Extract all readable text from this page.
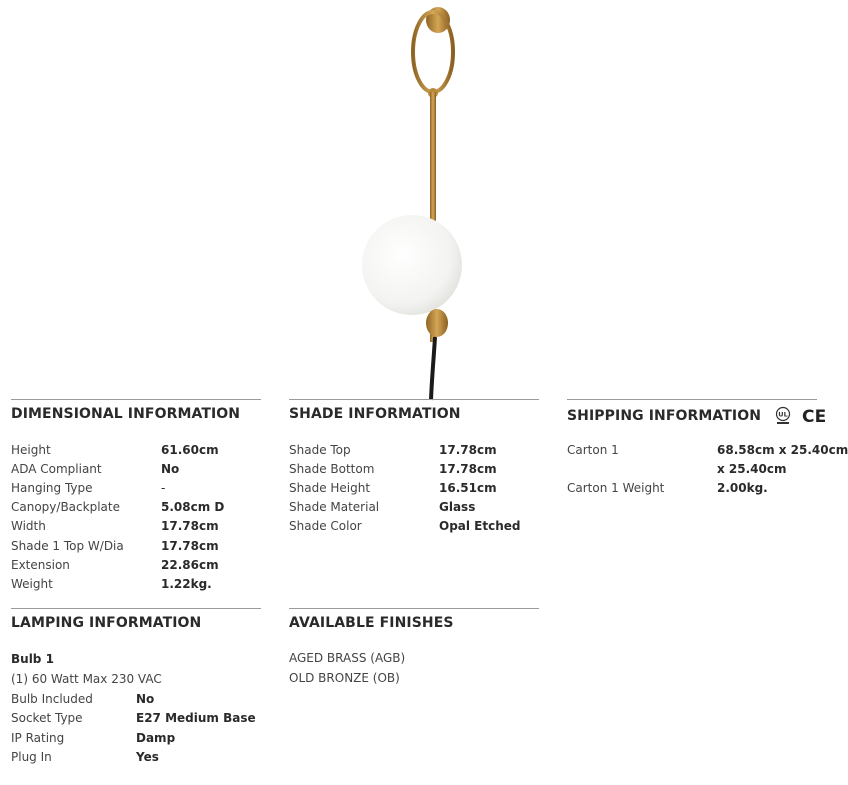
DIMENSIONAL INFORMATION
Height	61.60cm
ADA Compliant	No
Hanging Type	-
Canopy/Backplate	5.08cm D
Width	17.78cm
Shade 1 Top W/Dia	17.78cm
Extension	22.86cm
Weight	1.22kg.
SHADE INFORMATION
Shade Top	17.78cm
Shade Bottom	17.78cm
Shade Height	16.51cm
Shade Material	Glass
Shade Color	Opal Etched
SHIPPING INFORMATION	UL
CE
Carton 1	68.58cm x 25.40cm
x 25.40cm
Carton 1 Weight	2.00kg.
LAMPING INFORMATION
Bulb 1
(1) 60 Watt Max 230 VAC
Bulb Included	No
Socket Type	E27 Medium Base
IP Rating	Damp
Plug In	Yes
AVAILABLE FINISHES
AGED BRASS (AGB)
OLD BRONZE (OB)
